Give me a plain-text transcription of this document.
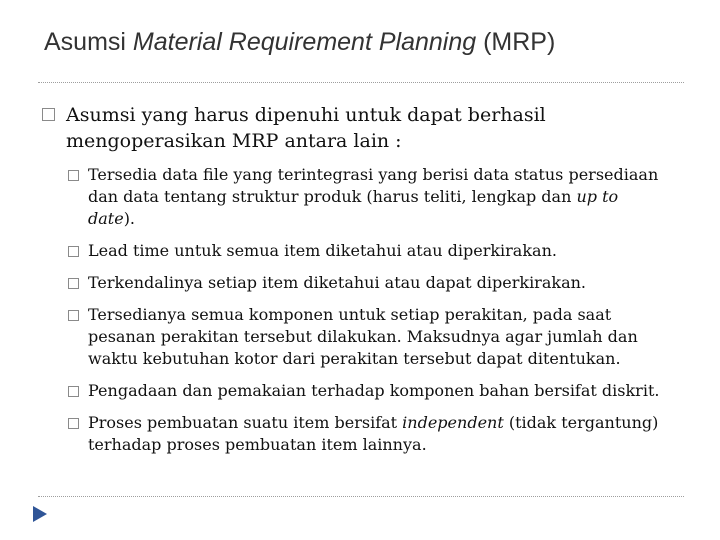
Asumsi Material Requirement Planning (MRP)
Asumsi yang harus dipenuhi untuk dapat berhasil mengoperasikan MRP antara lain :
Tersedia data file yang terintegrasi yang berisi data status persediaan dan data tentang struktur produk (harus teliti, lengkap dan up to date).
Lead time untuk semua item diketahui atau diperkirakan.
Terkendalinya setiap item diketahui atau dapat diperkirakan.
Tersedianya semua komponen untuk setiap perakitan, pada saat pesanan perakitan tersebut dilakukan. Maksudnya agar jumlah dan waktu kebutuhan kotor dari perakitan tersebut dapat ditentukan.
Pengadaan dan pemakaian terhadap komponen bahan bersifat diskrit.
Proses pembuatan suatu item bersifat independent (tidak tergantung) terhadap proses pembuatan item lainnya.
